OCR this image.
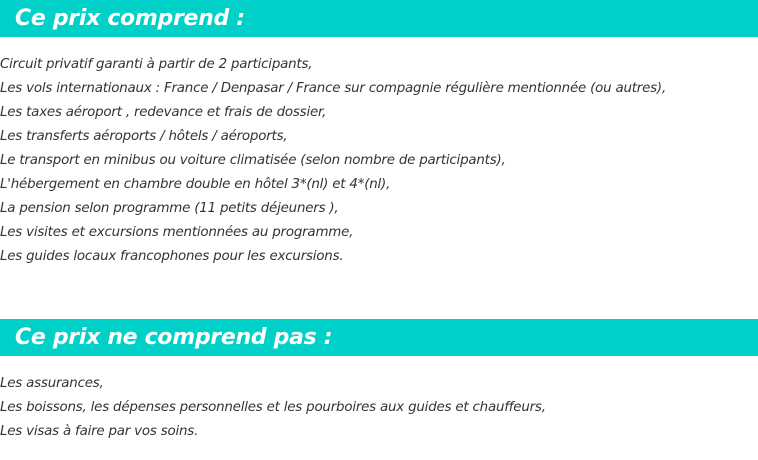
Ce prix comprend :
Circuit privatif garanti à partir de 2 participants,
Les vols internationaux : France / Denpasar / France sur compagnie régulière mentionnée (ou autres),
Les taxes aéroport , redevance et frais de dossier,
Les transferts aéroports / hôtels / aéroports,
Le transport en minibus ou voiture climatisée (selon nombre de participants),
L'hébergement en chambre double en hôtel 3*(nl) et 4*(nl),
La pension selon programme (11 petits déjeuners ),
Les visites et excursions mentionnées au programme,
Les guides locaux francophones pour les excursions.
Ce prix ne comprend pas :
Les assurances,
Les boissons, les dépenses personnelles et les pourboires aux guides et chauffeurs,
Les visas à faire par vos soins.
